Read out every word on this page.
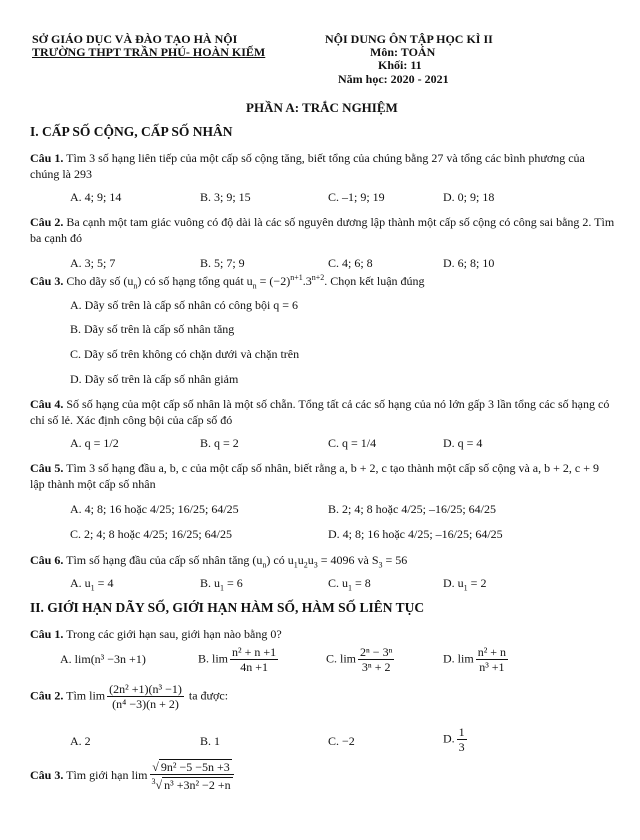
SỞ GIÁO DỤC VÀ ĐÀO TẠO HÀ NỘI
TRƯỜNG THPT TRẦN PHÚ- HOÀN KIẾM
NỘI DUNG ÔN TẬP HỌC KÌ II
Môn: TOÁN
Khối: 11
Năm học: 2020 - 2021
PHẦN A: TRẮC NGHIỆM
I. CẤP SỐ CỘNG, CẤP SỐ NHÂN
Câu 1. Tìm 3 số hạng liên tiếp của một cấp số cộng tăng, biết tổng của chúng bằng 27 và tổng các bình phương của chúng là 293
A. 4; 9; 14	B. 3; 9; 15	C. –1; 9; 19	D. 0; 9; 18
Câu 2. Ba cạnh một tam giác vuông có độ dài là các số nguyên dương lập thành một cấp số cộng có công sai bằng 2. Tìm ba cạnh đó
A. 3; 5; 7	B. 5; 7; 9	C. 4; 6; 8	D. 6; 8; 10
Câu 3. Cho dãy số $(u_n)$ có số hạng tổng quát $u_n = (-2)^{n+1}.3^{n+2}$. Chọn kết luận đúng
A. Dãy số trên là cấp số nhân có công bội q = 6
B. Dãy số trên là cấp số nhân tăng
C. Dãy số trên không có chặn dưới và chặn trên
D. Dãy số trên là cấp số nhân giảm
Câu 4. Số số hạng của một cấp số nhân là một số chẵn. Tổng tất cả các số hạng của nó lớn gấp 3 lần tổng các số hạng có chỉ số lẻ. Xác định công bội của cấp số đó
A. q = 1/2	B. q = 2	C. q = 1/4	D. q = 4
Câu 5. Tìm 3 số hạng đầu a, b, c của một cấp số nhân, biết rằng a, b + 2, c tạo thành một cấp số cộng và a, b + 2, c + 9 lập thành một cấp số nhân
A. 4; 8; 16 hoặc 4/25; 16/25; 64/25	B. 2; 4; 8 hoặc 4/25; –16/25; 64/25
C. 2; 4; 8 hoặc 4/25; 16/25; 64/25	D. 4; 8; 16 hoặc 4/25; –16/25; 64/25
Câu 6. Tìm số hạng đầu của cấp số nhân tăng $(u_n)$ có $u_1u_2u_3 = 4096$ và $S_3 = 56$
A. $u_1 = 4$	B. $u_1 = 6$	C. $u_1 = 8$	D. $u_1 = 2$
II. GIỚI HẠN DÃY SỐ, GIỚI HẠN HÀM SỐ, HÀM SỐ LIÊN TỤC
Câu 1. Trong các giới hạn sau, giới hạn nào bằng 0?
A. lim(n³ −3n +1)	B. $\lim \frac{\text{n² + n +1}}{4n +1}$	C. $\lim \frac{\text{2ⁿ − 3ⁿ}}{\text{3ⁿ + 2}}$	D. $\lim \frac{\text{n² + n}}{\text{n³ +1}}$
Câu 2. Tìm $\lim \frac{\text{(2n² +1)(n³ −1)}}{\text{(n⁴ −3)(n + 2)}}$ ta được:
A. 2	B. 1	C. −2	D. $\frac{1}{3}$
Câu 3. Tìm giới hạn $\lim \frac{\text{√ 9n² −5 −5n +3}}{^3√ n^3 +3n^2 -2 +n}$
